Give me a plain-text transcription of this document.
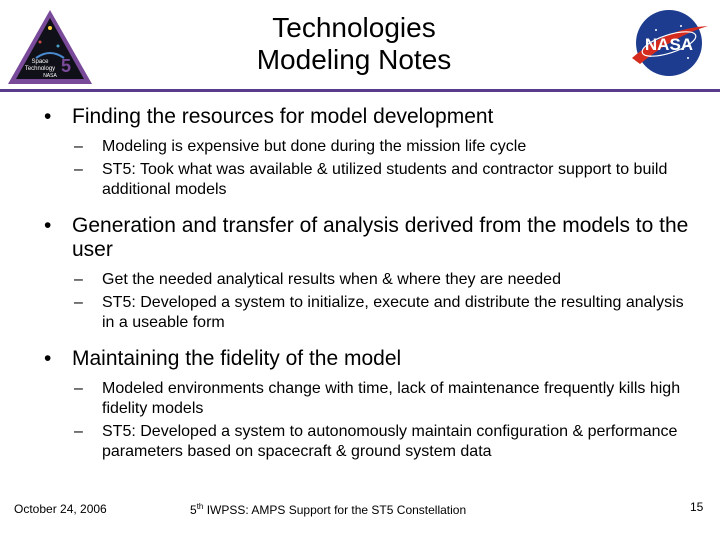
Space
Technology 5
NASA
Technologies
Modeling Notes	NASA
• Finding the resources for model development
– Modeling is expensive but done during the mission life cycle
– ST5: Took what was available & utilized students and contractor support to build additional models
• Generation and transfer of analysis derived from the models to the user
– Get the needed analytical results when & where they are needed
– ST5: Developed a system to initialize, execute and distribute the resulting analysis in a useable form
• Maintaining the fidelity of the model
– Modeled environments change with time, lack of maintenance frequently kills high fidelity models
– ST5: Developed a system to autonomously maintain configuration & performance parameters based on spacecraft & ground system data
October 24, 2006	5th IWPSS: AMPS Support for the ST5 Constellation	15
